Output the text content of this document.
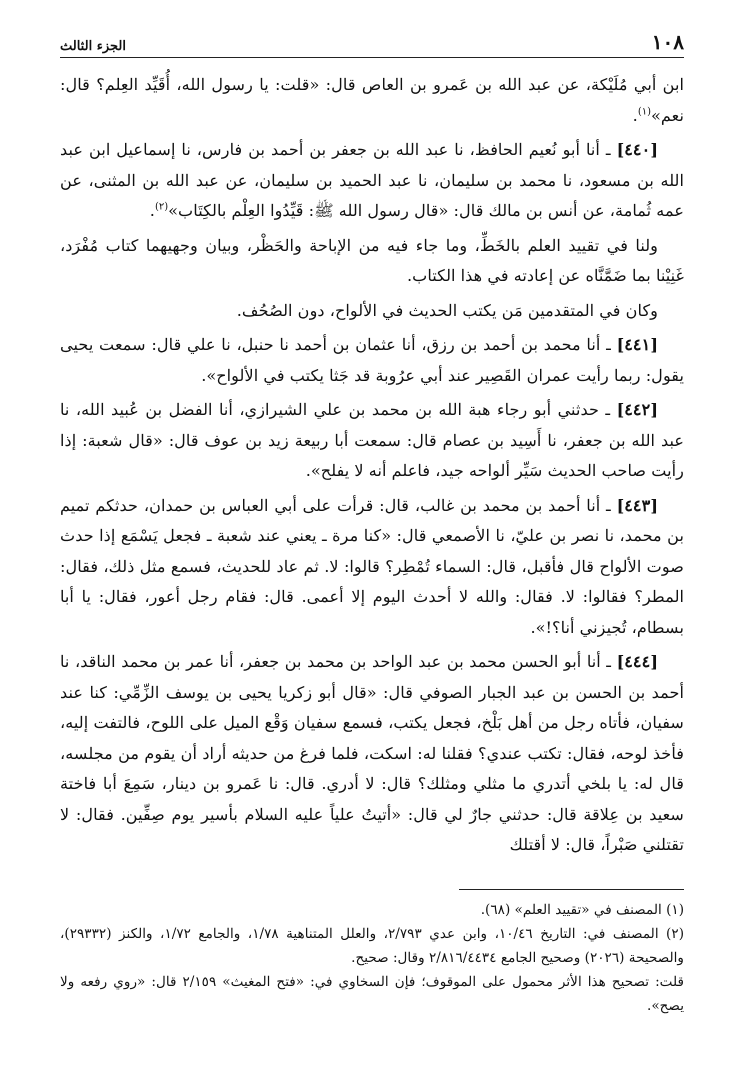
١٠٨
الجزء الثالث

ابن أبي مُلَيْكة، عن عبد الله بن عَمرو بن العاص قال: «قلت: يا رسول الله، أُقَيِّد العِلم؟ قال: نعم»$^{(١)}$.

[٤٤٠] ـ أنا أبو نُعيم الحافظ، نا عبد الله بن جعفر بن أحمد بن فارس، نا إسماعيل ابن عبد الله بن مسعود، نا محمد بن سليمان، نا عبد الحميد بن سليمان، عن عبد الله بن المثنى، عن عمه ثُمامة، عن أنس بن مالك قال: «قال رسول الله ﷺ: قَيِّدُوا العِلْم بالكِتَاب»$^{(٢)}$.

ولنا في تقييد العلم بالخَطِّ، وما جاء فيه من الإباحة والحَظْر، وبيان وجهيهما كتاب مُفْرَد، غَنِيْنا بما ضَمَّنَّاه عن إعادته في هذا الكتاب.

وكان في المتقدمين مَن يكتب الحديث في الألواح، دون الصُحُف.

[٤٤١] ـ أنا محمد بن أحمد بن رزق، أنا عثمان بن أحمد نا حنبل، نا علي قال: سمعت يحيى يقول: ربما رأيت عمران القَصِير عند أبي عرُوبة قد جَثا يكتب في الألواح».

[٤٤٢] ـ حدثني أبو رجاء هبة الله بن محمد بن علي الشيرازي، أنا الفضل بن عُبيد الله، نا عبد الله بن جعفر، نا أَسِيد بن عصام قال: سمعت أبا ربيعة زيد بن عوف قال: «قال شعبة: إذا رأيت صاحب الحديث سَيِّر ألواحه جيد، فاعلم أنه لا يفلح».

[٤٤٣] ـ أنا أحمد بن محمد بن غالب، قال: قرأت على أبي العباس بن حمدان، حدثكم تميم بن محمد، نا نصر بن عليّ، نا الأصمعي قال: «كنا مرة ـ يعني عند شعبة ـ فجعل يَسْمَع إذا حدث صوت الألواح قال فأقبل، قال: السماء تُمْطِر؟ قالوا: لا. ثم عاد للحديث، فسمع مثل ذلك، فقال: المطر؟ فقالوا: لا. فقال: والله لا أحدث اليوم إلا أعمى. قال: فقام رجل أعور، فقال: يا أبا بسطام، تُجيزني أنا؟!».

[٤٤٤] ـ أنا أبو الحسن محمد بن عبد الواحد بن محمد بن جعفر، أنا عمر بن محمد الناقد، نا أحمد بن الحسن بن عبد الجبار الصوفي قال: «قال أبو زكريا يحيى بن يوسف الزِّمِّي: كنا عند سفيان، فأتاه رجل من أهل بَلْخ، فجعل يكتب، فسمع سفيان وَقْع الميل على اللوح، فالتفت إليه، فأخذ لوحه، فقال: تكتب عندي؟ فقلنا له: اسكت، فلما فرغ من حديثه أراد أن يقوم من مجلسه، قال له: يا بلخي أتدري ما مثلي ومثلك؟ قال: لا أدري. قال: نا عَمرو بن دينار، سَمِعَ أبا فاختة سعيد بن عِلاقة قال: حدثني جارٌ لي قال: «أتيتُ علياً عليه السلام بأسير يوم صِفِّين. فقال: لا تقتلني صَبْراً، قال: لا أقتلك

(١) المصنف في «تقييد العلم» (٦٨).

(٢) المصنف في: التاريخ ١٠/٤٦، وابن عدي ٢/٧٩٣، والعلل المتناهية ١/٧٨، والجامع ١/٧٢، والكنز (٢٩٣٣٢)، والصحيحة (٢٠٢٦) وصحيح الجامع ٢/٨١٦/٤٤٣٤ وقال: صحيح.

قلت: تصحيح هذا الأثر محمول على الموقوف؛ فإن السخاوي في: «فتح المغيث» ٢/١٥٩ قال: «روي رفعه ولا يصح».
